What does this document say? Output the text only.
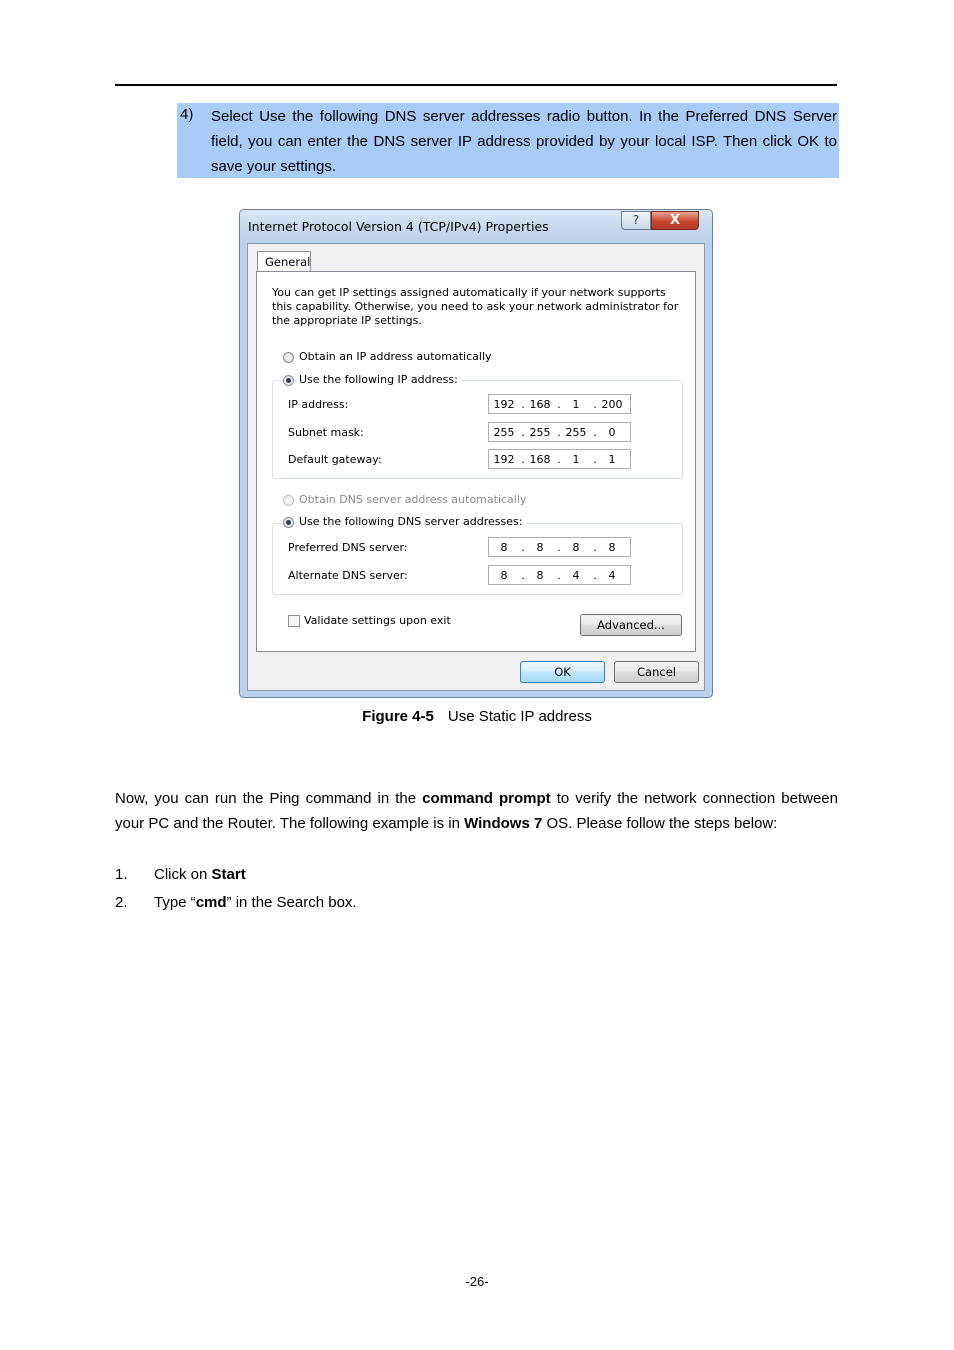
4) Select Use the following DNS server addresses radio button. In the Preferred DNS Server field, you can enter the DNS server IP address provided by your local ISP. Then click OK to save your settings.
Internet Protocol Version 4 (TCP/IPv4) Properties	?	X
General
You can get IP settings assigned automatically if your network supports this capability. Otherwise, you need to ask your network administrator for the appropriate IP settings.
Obtain an IP address automatically
Use the following IP address:
IP address:	192 . 168 .	1	. 200
Subnet mask:	255 . 255 . 255 .	0
Default gateway:	192 . 168 .	1	.	1
Obtain DNS server address automatically
Use the following DNS server addresses:
Preferred DNS server:	8	.	8	.	8	.	8
Alternate DNS server:	8	.	8	.	4	.	4
Validate settings upon exit	Advanced...
OK	Cancel
Figure 4-5 Use Static IP address
Now, you can run the Ping command in the command prompt to verify the network connection between your PC and the Router. The following example is in Windows 7 OS. Please follow the steps below:
1. Click on Start
2. Type “cmd” in the Search box.
-26-
